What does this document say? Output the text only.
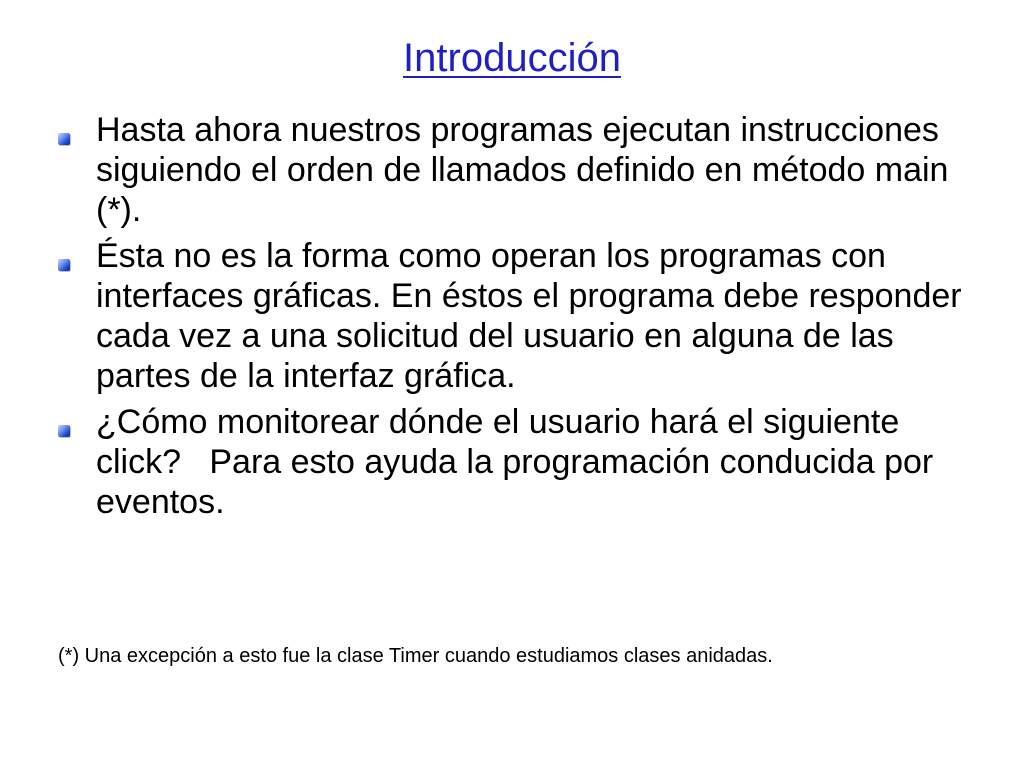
Introducción
Hasta ahora nuestros programas ejecutan instrucciones siguiendo el orden de llamados definido en método main (*).
Ésta no es la forma como operan los programas con interfaces gráficas. En éstos el programa debe responder cada vez a una solicitud del usuario en alguna de las partes de la interfaz gráfica.
¿Cómo monitorear dónde el usuario hará el siguiente click?   Para esto ayuda la programación conducida por eventos.
(*) Una excepción a esto fue la clase Timer cuando estudiamos clases anidadas.
